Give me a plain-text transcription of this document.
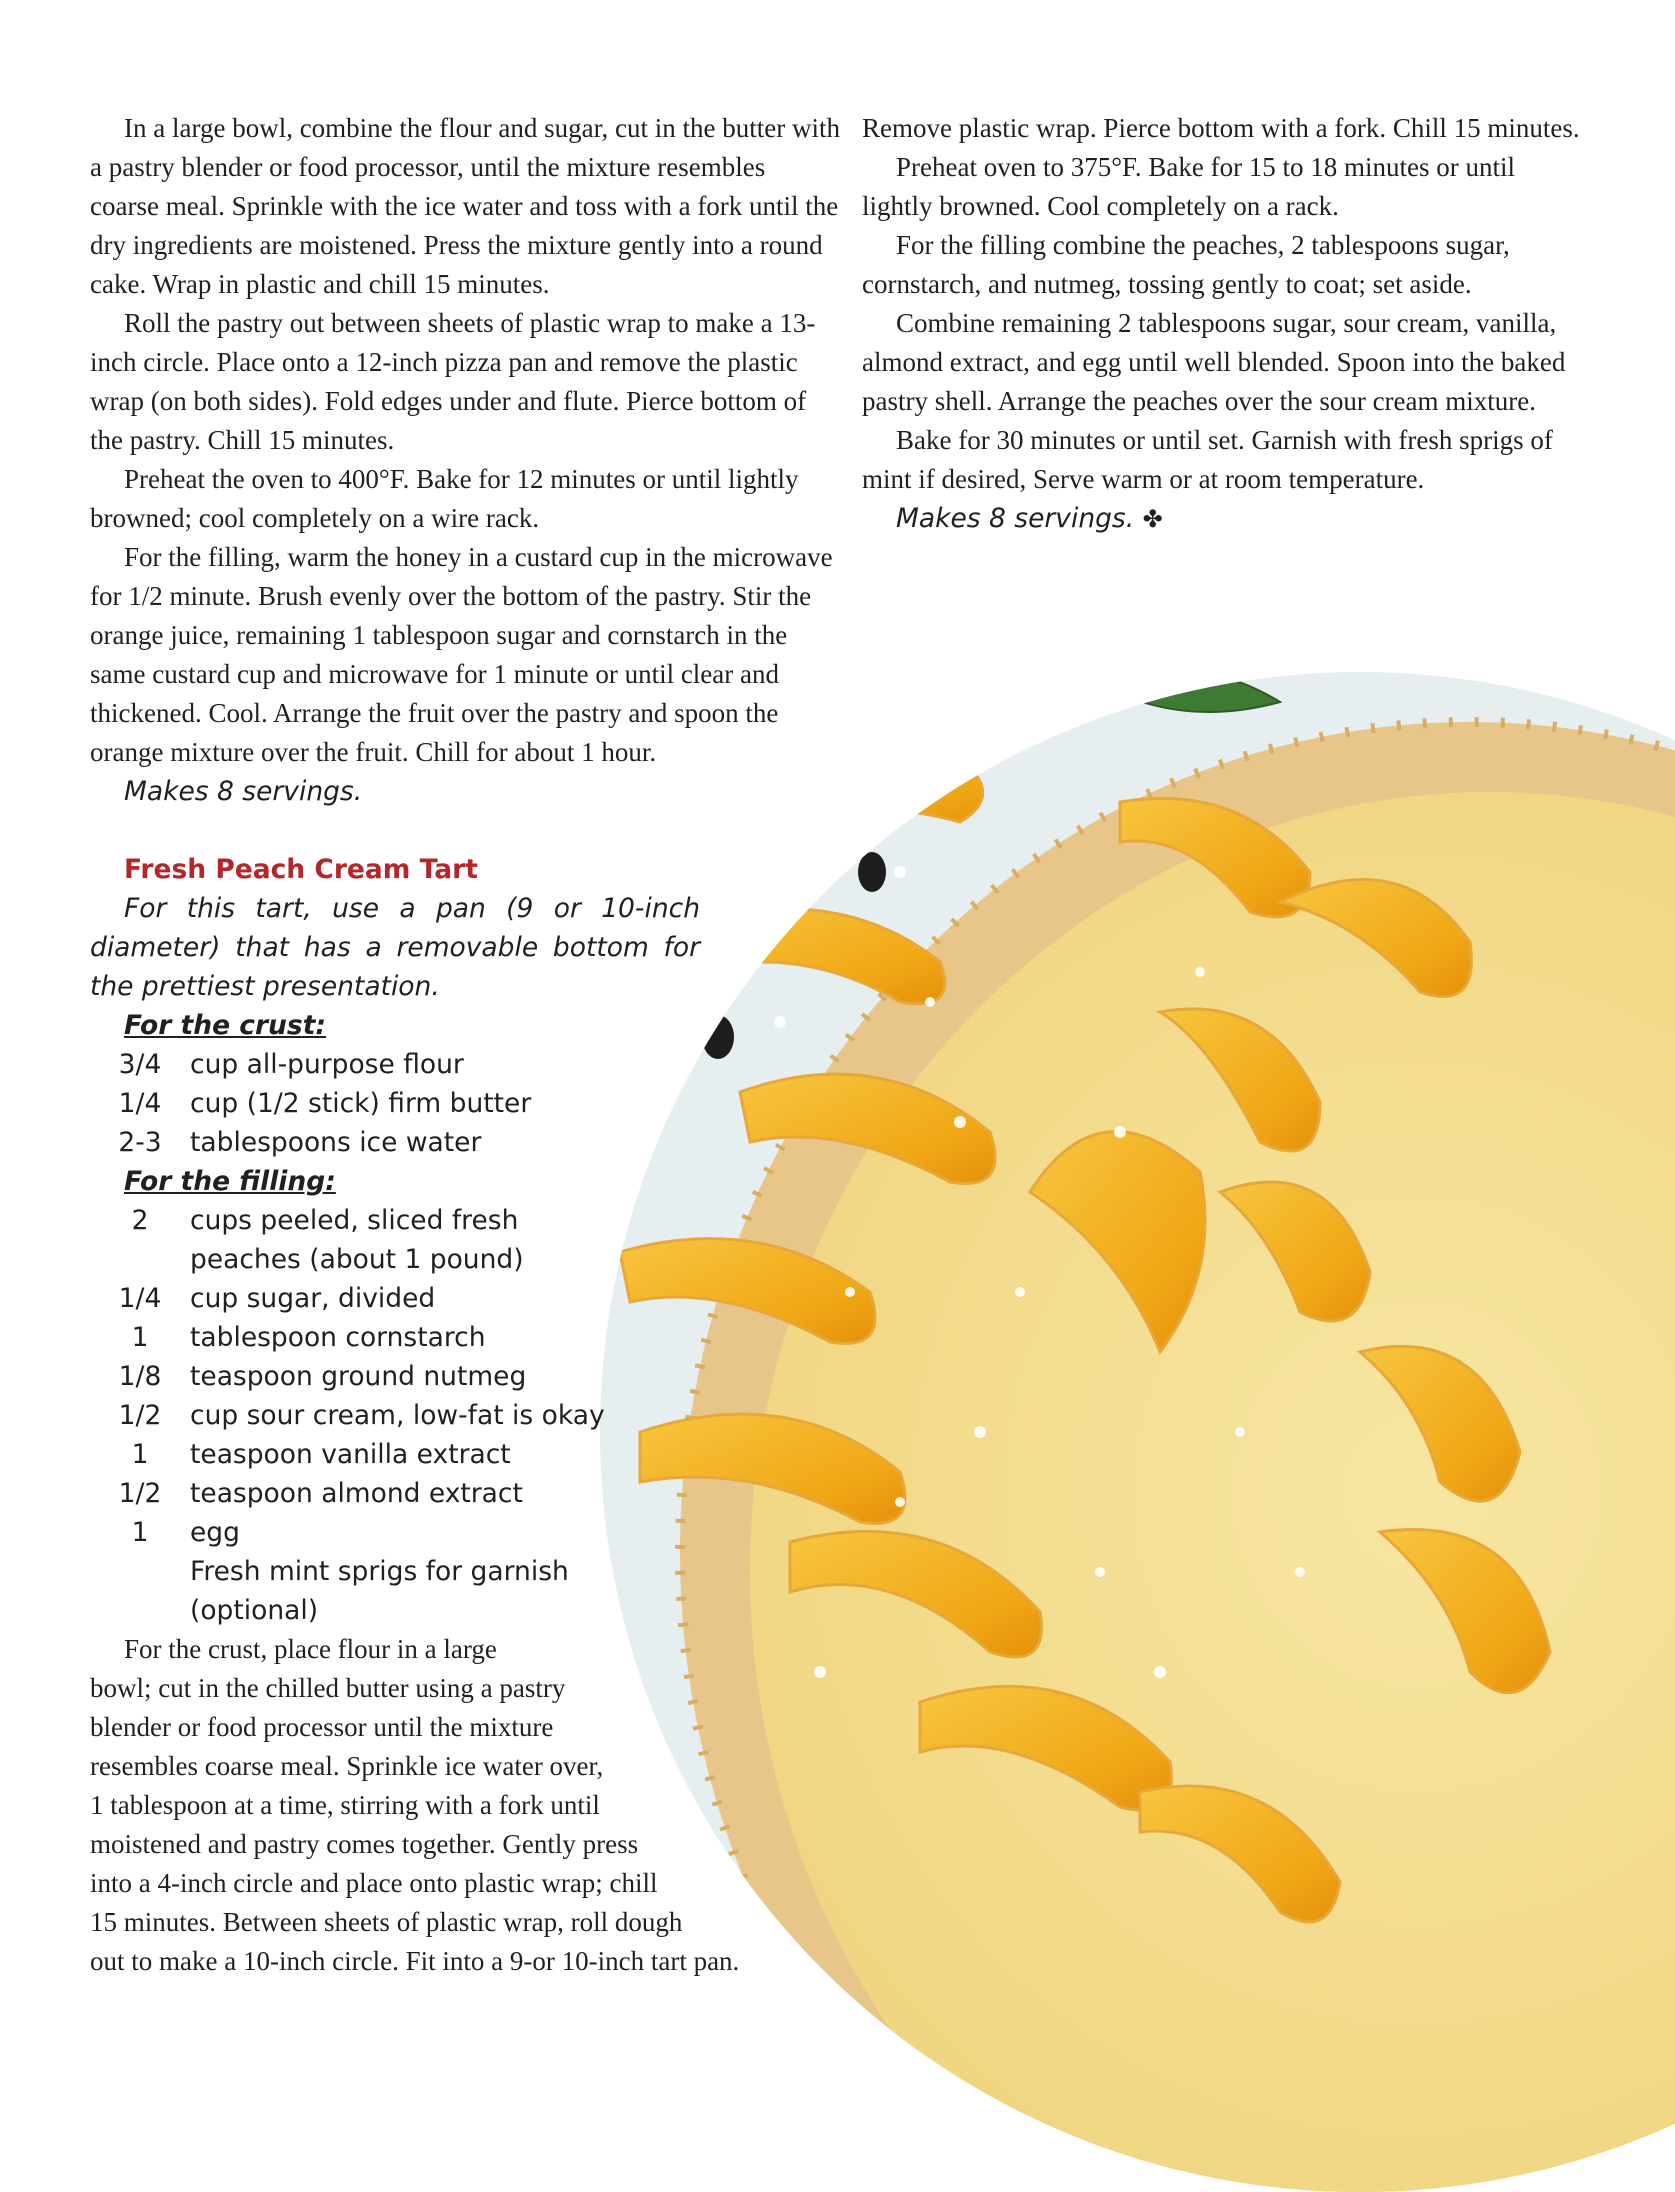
In a large bowl, combine the flour and sugar, cut in the butter with a pastry blender or food processor, until the mixture resembles coarse meal. Sprinkle with the ice water and toss with a fork until the dry ingredients are moistened. Press the mixture gently into a round cake. Wrap in plastic and chill 15 minutes.

Roll the pastry out between sheets of plastic wrap to make a 13-inch circle. Place onto a 12-inch pizza pan and remove the plastic wrap (on both sides). Fold edges under and flute. Pierce bottom of the pastry. Chill 15 minutes.

Preheat the oven to 400°F. Bake for 12 minutes or until lightly browned; cool completely on a wire rack.

For the filling, warm the honey in a custard cup in the microwave for 1/2 minute. Brush evenly over the bottom of the pastry. Stir the orange juice, remaining 1 tablespoon sugar and cornstarch in the same custard cup and microwave for 1 minute or until clear and thickened. Cool. Arrange the fruit over the pastry and spoon the orange mixture over the fruit. Chill for about 1 hour.

Makes 8 servings.

Fresh Peach Cream Tart

For this tart, use a pan (9 or 10-inch diameter) that has a removable bottom for the prettiest presentation.

For the crust:

3/4	cup all-purpose flour
1/4	cup (1/2 stick) firm butter
2-3	tablespoons ice water

For the filling:

2	cups peeled, sliced fresh
peaches (about 1 pound)
1/4	cup sugar, divided
1	tablespoon cornstarch
1/8	teaspoon ground nutmeg
1/2	cup sour cream, low-fat is okay
1	teaspoon vanilla extract
1/2	teaspoon almond extract
1	egg
Fresh mint sprigs for garnish
(optional)

For the crust, place flour in a large

bowl; cut in the chilled butter using a pastry

blender or food processor until the mixture

resembles coarse meal. Sprinkle ice water over,

1 tablespoon at a time, stirring with a fork until

moistened and pastry comes together. Gently press

into a 4-inch circle and place onto plastic wrap; chill

15 minutes. Between sheets of plastic wrap, roll dough

out to make a 10-inch circle. Fit into a 9-or 10-inch tart pan.

Remove plastic wrap. Pierce bottom with a fork. Chill 15 minutes.

Preheat oven to 375°F. Bake for 15 to 18 minutes or until lightly browned. Cool completely on a rack.

For the filling combine the peaches, 2 tablespoons sugar, cornstarch, and nutmeg, tossing gently to coat; set aside.

Combine remaining 2 tablespoons sugar, sour cream, vanilla, almond extract, and egg until well blended. Spoon into the baked pastry shell. Arrange the peaches over the sour cream mixture.

Bake for 30 minutes or until set. Garnish with fresh sprigs of mint if desired, Serve warm or at room temperature.

Makes 8 servings. ✤
